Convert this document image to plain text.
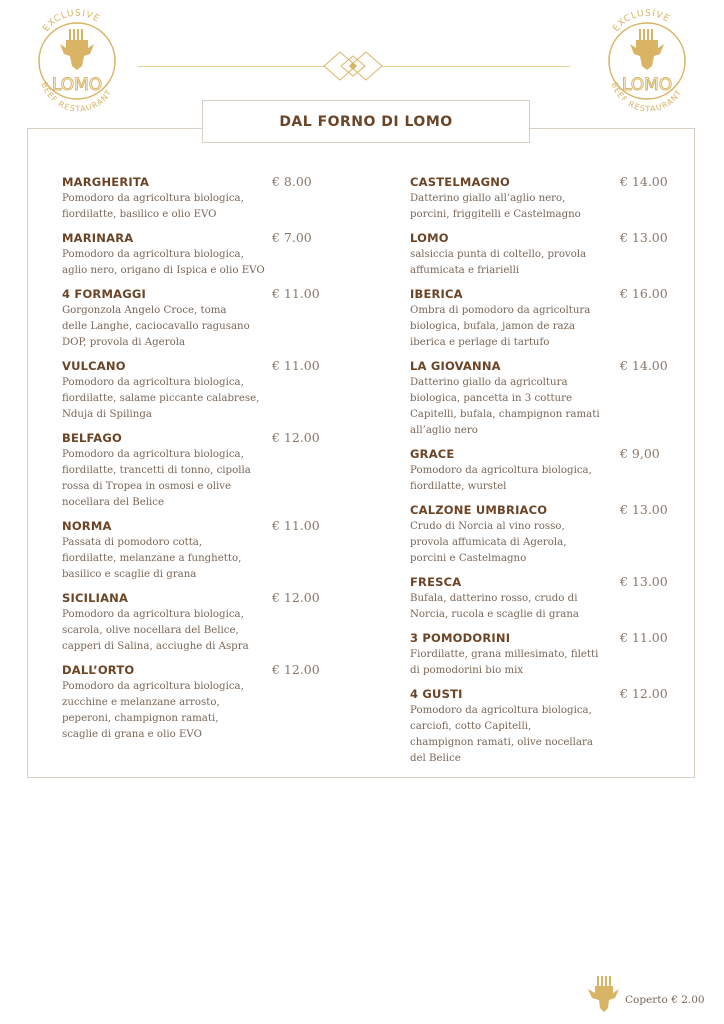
LOMO
EXCLUSIVE
BEEF RESTAURANT	LOMO
EXCLUSIVE
BEEF RESTAURANT
DAL FORNO DI LOMO
MARGHERITA	€ 8.00
Pomodoro da agricoltura biologica,
fiordilatte, basilico e olio EVO
MARINARA	€ 7.00
Pomodoro da agricoltura biologica,
aglio nero, origano di Ispica e olio EVO
4 FORMAGGI	€ 11.00
Gorgonzola Angelo Croce, toma
delle Langhe, caciocavallo ragusano
DOP, provola di Agerola
VULCANO	€ 11.00
Pomodoro da agricoltura biologica,
fiordilatte, salame piccante calabrese,
Nduja di Spilinga
BELFAGO	€ 12.00
Pomodoro da agricoltura biologica,
fiordilatte, trancetti di tonno, cipolla
rossa di Tropea in osmosi e olive
nocellara del Belice
NORMA	€ 11.00
Passata di pomodoro cotta,
fiordilatte, melanzane a funghetto,
basilico e scaglie di grana
SICILIANA	€ 12.00
Pomodoro da agricoltura biologica,
scarola, olive nocellara del Belice,
capperi di Salina, acciughe di Aspra
DALL’ORTO	€ 12.00
Pomodoro da agricoltura biologica,
zucchine e melanzane arrosto,
peperoni, champignon ramati,
scaglie di grana e olio EVO
CASTELMAGNO	€ 14.00
Datterino giallo all’aglio nero,
porcini, friggitelli e Castelmagno
LOMO	€ 13.00
salsiccia punta di coltello, provola
affumicata e friarielli
IBERICA	€ 16.00
Ombra di pomodoro da agricoltura
biologica, bufala, jamon de raza
iberica e perlage di tartufo
LA GIOVANNA	€ 14.00
Datterino giallo da agricoltura
biologica, pancetta in 3 cotture
Capitelli, bufala, champignon ramati
all’aglio nero
GRACE	€ 9,00
Pomodoro da agricoltura biologica,
fiordilatte, wurstel
CALZONE UMBRIACO	€ 13.00
Crudo di Norcia al vino rosso,
provola affumicata di Agerola,
porcini e Castelmagno
FRESCA	€ 13.00
Bufala, datterino rosso, crudo di
Norcia, rucola e scaglie di grana
3 POMODORINI	€ 11.00
Fiordilatte, grana millesimato, filetti
di pomodorini bio mix
4 GUSTI	€ 12.00
Pomodoro da agricoltura biologica,
carciofi, cotto Capitelli,
champignon ramati, olive nocellara
del Belice
Coperto € 2.00
